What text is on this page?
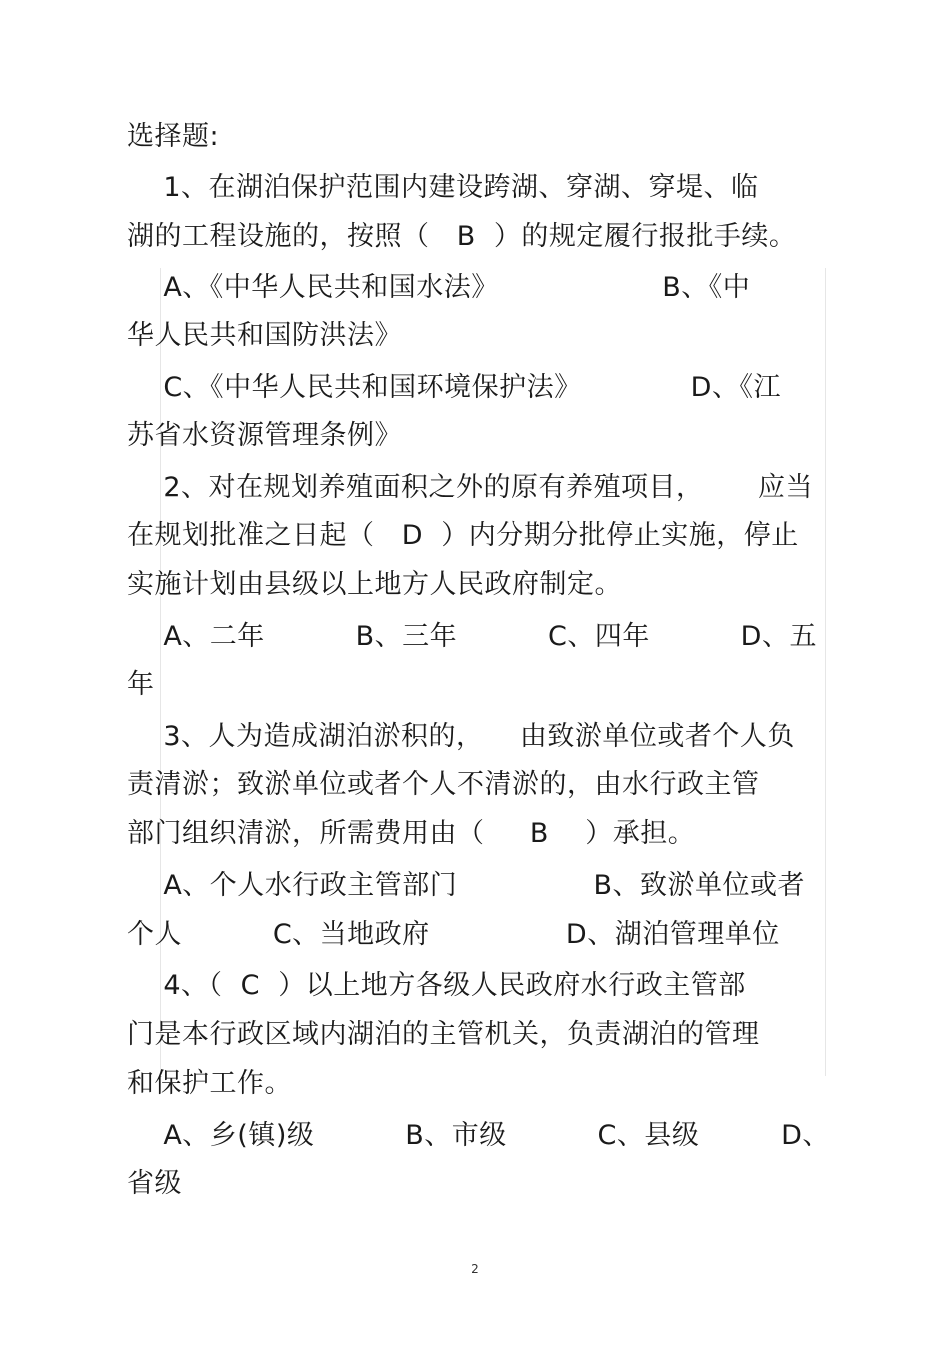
选择题:
1、在湖泊保护范围内建设跨湖、穿湖、穿堤、临
湖的工程设施的，按照（   B  ）的规定履行报批手续。
A、《中华人民共和国水法》                  B、《中
华人民共和国防洪法》
C、《中华人民共和国环境保护法》            D、《江
苏省水资源管理条例》
2、对在规划养殖面积之外的原有养殖项目，      应当
在规划批准之日起（   D  ）内分期分批停止实施，停止
实施计划由县级以上地方人民政府制定。
A、二年          B、三年          C、四年          D、五
年
3、人为造成湖泊淤积的，    由致淤单位或者个人负
责清淤；致淤单位或者个人不清淤的，由水行政主管
部门组织清淤，所需费用由（     B    ）承担。
A、个人水行政主管部门               B、致淤单位或者
个人          C、当地政府               D、湖泊管理单位
4、（  C  ）以上地方各级人民政府水行政主管部
门是本行政区域内湖泊的主管机关，负责湖泊的管理
和保护工作。
A、乡(镇)级          B、市级          C、县级         D、
省级
2
